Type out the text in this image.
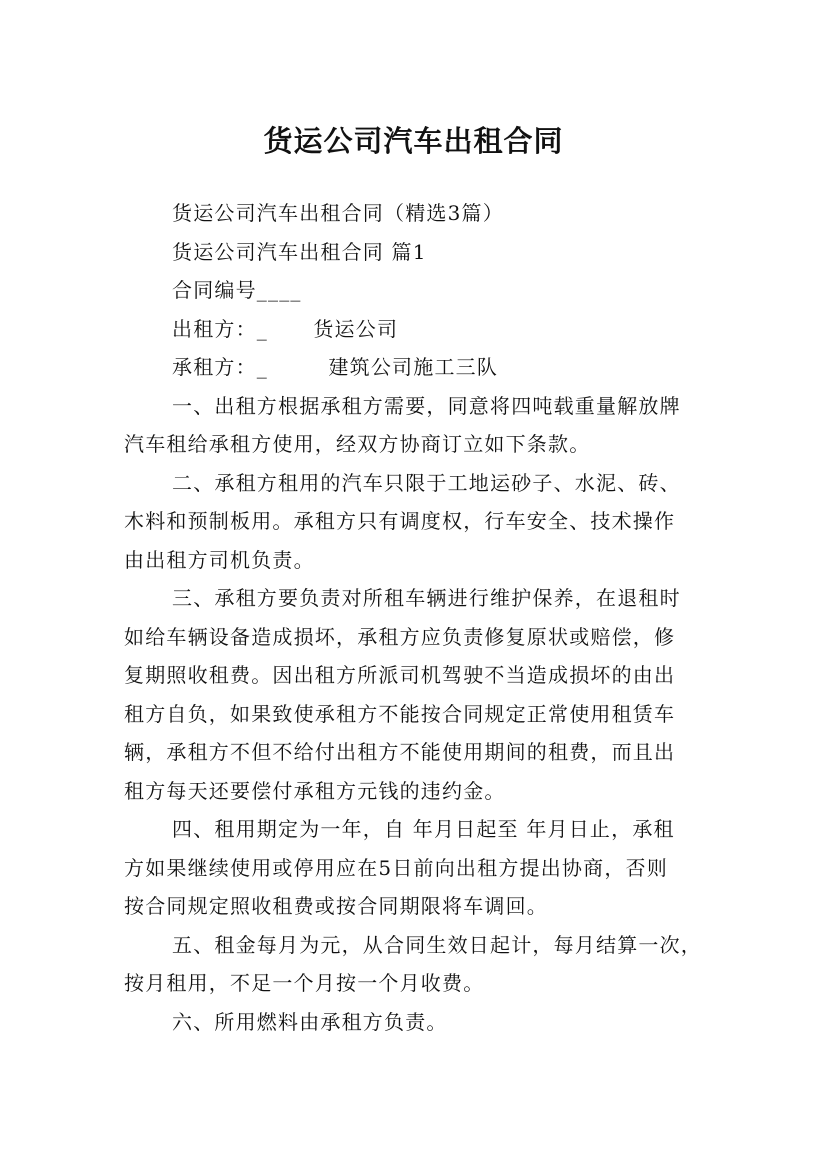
货运公司汽车出租合同

货运公司汽车出租合同（精选3篇）

货运公司汽车出租合同 篇1

合同编号____

出租方：_      货运公司

承租方：_        建筑公司施工三队

一、出租方根据承租方需要，同意将四吨载重量解放牌

汽车租给承租方使用，经双方协商订立如下条款。

二、承租方租用的汽车只限于工地运砂子、水泥、砖、

木料和预制板用。承租方只有调度权，行车安全、技术操作

由出租方司机负责。

三、承租方要负责对所租车辆进行维护保养，在退租时

如给车辆设备造成损坏，承租方应负责修复原状或赔偿，修

复期照收租费。因出租方所派司机驾驶不当造成损坏的由出

租方自负，如果致使承租方不能按合同规定正常使用租赁车

辆，承租方不但不给付出租方不能使用期间的租费，而且出

租方每天还要偿付承租方元钱的违约金。

四、租用期定为一年，自 年月日起至 年月日止，承租

方如果继续使用或停用应在5日前向出租方提出协商，否则

按合同规定照收租费或按合同期限将车调回。

五、租金每月为元，从合同生效日起计，每月结算一次，

按月租用，不足一个月按一个月收费。

六、所用燃料由承租方负责。
